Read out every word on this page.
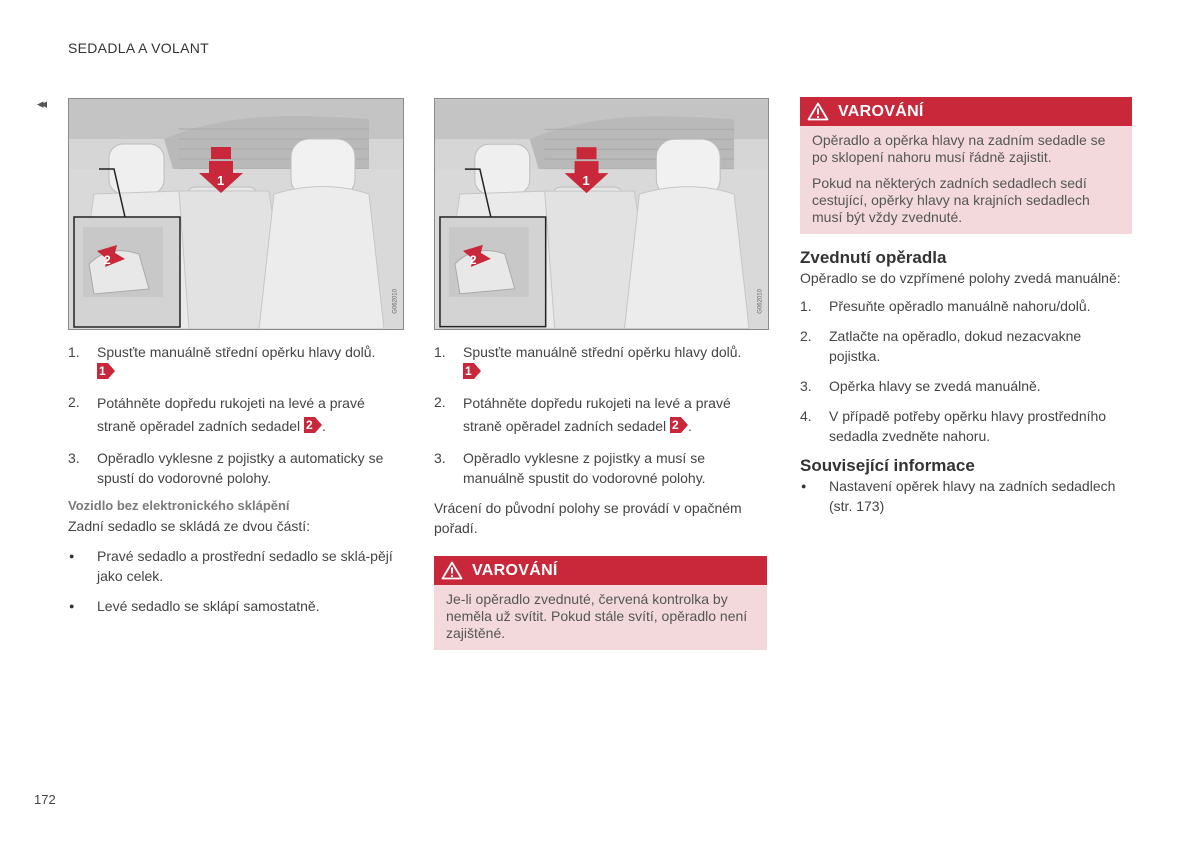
SEDADLA A VOLANT
◂◂
172
1
2
G062010
1
2
G062010
1. Spusťte manuálně střední opěrku hlavy dolů.

1
2. Potáhněte dopředu rukojeti na levé a pravé straně opěradel zadních sedadel 2 .
3. Opěradlo vyklesne z pojistky a automaticky se spustí do vodorovné polohy.
Vozidlo bez elektronického sklápění
Zadní sedadlo se skládá ze dvou částí:
● Pravé sedadlo a prostřední sedadlo se sklá-pějí jako celek.
● Levé sedadlo se sklápí samostatně.
1. Spusťte manuálně střední opěrku hlavy dolů.

1
2. Potáhněte dopředu rukojeti na levé a pravé straně opěradel zadních sedadel 2 .
3. Opěradlo vyklesne z pojistky a musí se manuálně spustit do vodorovné polohy.
Vrácení do původní polohy se provádí v opačném pořadí.
VAROVÁNÍ

Je-li opěradlo zvednuté, červená kontrolka by neměla už svítit. Pokud stále svítí, opěradlo není zajištěné.

VAROVÁNÍ

Opěradlo a opěrka hlavy na zadním sedadle se po sklopení nahoru musí řádně zajistit.

Pokud na některých zadních sedadlech sedí cestující, opěrky hlavy na krajních sedadlech musí být vždy zvednuté.

Zvednutí opěradla
Opěradlo se do vzpřímené polohy zvedá manuálně:
1. Přesuňte opěradlo manuálně nahoru/dolů.
2. Zatlačte na opěradlo, dokud nezacvakne pojistka.
3. Opěrka hlavy se zvedá manuálně.
4. V případě potřeby opěrku hlavy prostředního sedadla zvedněte nahoru.
Související informace
● Nastavení opěrek hlavy na zadních sedadlech (str. 173)
